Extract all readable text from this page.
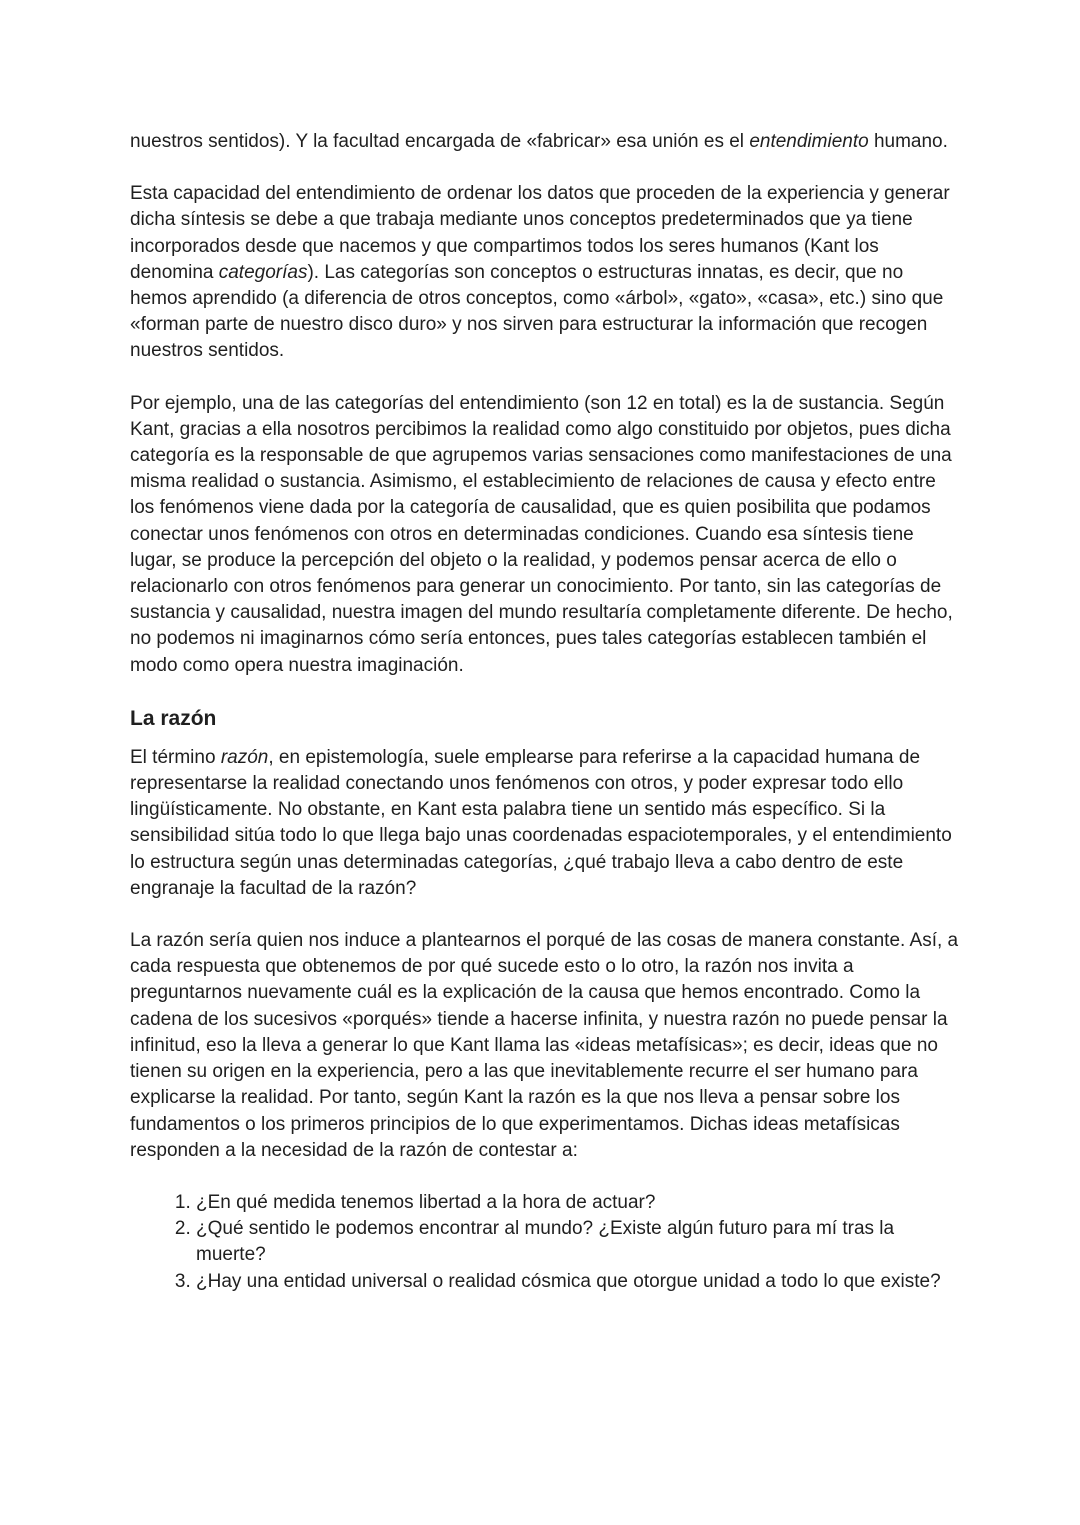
nuestros sentidos). Y la facultad encargada de «fabricar» esa unión es el entendimiento humano.

Esta capacidad del entendimiento de ordenar los datos que proceden de la experiencia y generar dicha síntesis se debe a que trabaja mediante unos conceptos predeterminados que ya tiene incorporados desde que nacemos y que compartimos todos los seres humanos (Kant los denomina categorías). Las categorías son conceptos o estructuras innatas, es decir, que no hemos aprendido (a diferencia de otros conceptos, como «árbol», «gato», «casa», etc.) sino que «forman parte de nuestro disco duro» y nos sirven para estructurar la información que recogen nuestros sentidos.

Por ejemplo, una de las categorías del entendimiento (son 12 en total) es la de sustancia. Según Kant, gracias a ella nosotros percibimos la realidad como algo constituido por objetos, pues dicha categoría es la responsable de que agrupemos varias sensaciones como manifestaciones de una misma realidad o sustancia. Asimismo, el establecimiento de relaciones de causa y efecto entre los fenómenos viene dada por la categoría de causalidad, que es quien posibilita que podamos conectar unos fenómenos con otros en determinadas condiciones. Cuando esa síntesis tiene lugar, se produce la percepción del objeto o la realidad, y podemos pensar acerca de ello o relacionarlo con otros fenómenos para generar un conocimiento. Por tanto, sin las categorías de sustancia y causalidad, nuestra imagen del mundo resultaría completamente diferente. De hecho, no podemos ni imaginarnos cómo sería entonces, pues tales categorías establecen también el modo como opera nuestra imaginación.

La razón

El término razón, en epistemología, suele emplearse para referirse a la capacidad humana de representarse la realidad conectando unos fenómenos con otros, y poder expresar todo ello lingüísticamente. No obstante, en Kant esta palabra tiene un sentido más específico. Si la sensibilidad sitúa todo lo que llega bajo unas coordenadas espaciotemporales, y el entendimiento lo estructura según unas determinadas categorías, ¿qué trabajo lleva a cabo dentro de este engranaje la facultad de la razón?

La razón sería quien nos induce a plantearnos el porqué de las cosas de manera constante. Así, a cada respuesta que obtenemos de por qué sucede esto o lo otro, la razón nos invita a preguntarnos nuevamente cuál es la explicación de la causa que hemos encontrado. Como la cadena de los sucesivos «porqués» tiende a hacerse infinita, y nuestra razón no puede pensar la infinitud, eso la lleva a generar lo que Kant llama las «ideas metafísicas»; es decir, ideas que no tienen su origen en la experiencia, pero a las que inevitablemente recurre el ser humano para explicarse la realidad. Por tanto, según Kant la razón es la que nos lleva a pensar sobre los fundamentos o los primeros principios de lo que experimentamos. Dichas ideas metafísicas responden a la necesidad de la razón de contestar a:

1. ¿En qué medida tenemos libertad a la hora de actuar?
2. ¿Qué sentido le podemos encontrar al mundo? ¿Existe algún futuro para mí tras la muerte?
3. ¿Hay una entidad universal o realidad cósmica que otorgue unidad a todo lo que existe?
